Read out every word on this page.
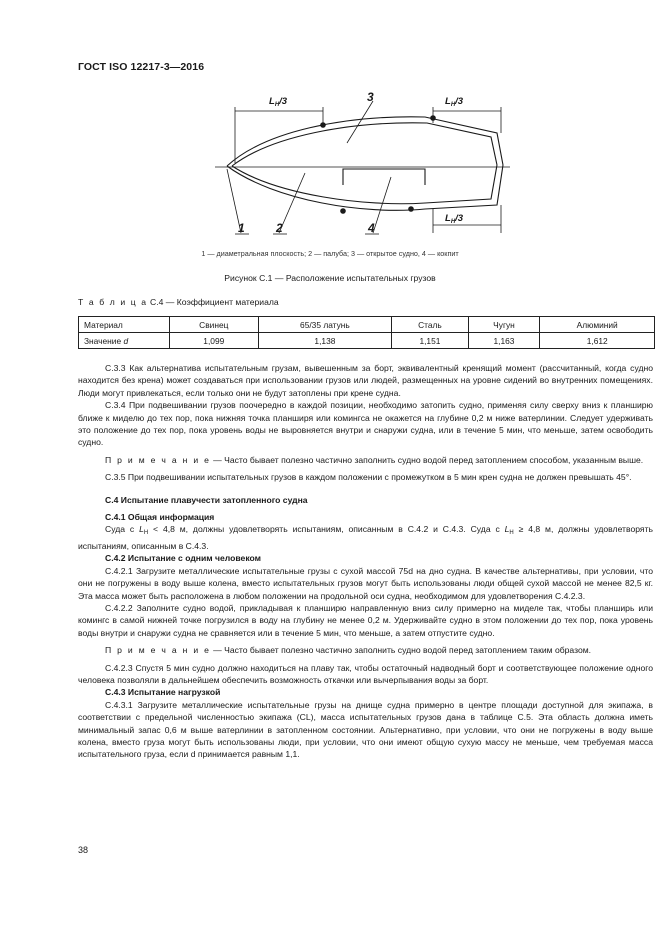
ГОСТ ISO 12217-3—2016
$L_H/3$	$L_H/3$
$L_H/3$
1	2
3
4
1 — диаметральная плоскость; 2 — палуба; 3 — открытое судно, 4 — кокпит
Рисунок С.1 — Расположение испытательных грузов
Т а б л и ц а С.4 — Коэффициент материала
Материал	Свинец	65/35 латунь	Сталь	Чугун	Алюминий
Значение d	1,099	1,138	1,151	1,163	1,612

С.3.3 Как альтернатива испытательным грузам, вывешенным за борт, эквивалентный кренящий момент (рассчитанный, когда судно находится без крена) может создаваться при использовании грузов или людей, размещенных на уровне сидений во внутренних помещениях. Люди могут привлекаться, если только они не будут затоплены при крене судна.

С.3.4 При подвешивании грузов поочередно в каждой позиции, необходимо затопить судно, применяя силу сверху вниз к планширю ближе к миделю до тех пор, пока нижняя точка планширя или комингса не окажется на глубине 0,2 м ниже ватерлинии. Следует удерживать это положение до тех пор, пока уровень воды не выровняется внутри и снаружи судна, или в течение 5 мин, что меньше, затем освободить судно.

П р и м е ч а н и е — Часто бывает полезно частично заполнить судно водой перед затоплением способом, указанным выше.

С.3.5 При подвешивании испытательных грузов в каждом положении с промежутком в 5 мин крен судна не должен превышать 45°.

С.4 Испытание плавучести затопленного судна

С.4.1 Общая информация

Суда с $L_H < 4,8$ м, должны удовлетворять испытаниям, описанным в С.4.2 и С.4.3. Суда с $L_H \ge 4,8$ м, должны удовлетворять испытаниям, описанным в С.4.3.

С.4.2 Испытание с одним человеком

С.4.2.1 Загрузите металлические испытательные грузы с сухой массой 75d на дно судна. В качестве альтернативы, при условии, что они не погружены в воду выше колена, вместо испытательных грузов могут быть использованы люди общей сухой массой не менее 82,5 кг. Эта масса может быть расположена в любом положении на продольной оси судна, необходимом для удовлетворения С.4.2.3.

С.4.2.2 Заполните судно водой, прикладывая к планширю направленную вниз силу примерно на миделе так, чтобы планширь или комингс в самой нижней точке погрузился в воду на глубину не менее 0,2 м. Удерживайте судно в этом положении до тех пор, пока уровень воды внутри и снаружи судна не сравняется или в течение 5 мин, что меньше, а затем отпустите судно.

П р и м е ч а н и е — Часто бывает полезно частично заполнить судно водой перед затоплением таким образом.

С.4.2.3 Спустя 5 мин судно должно находиться на плаву так, чтобы остаточный надводный борт и соответствующее положение одного человека позволяли в дальнейшем обеспечить возможность откачки или вычерпывания воды за борт.

С.4.3 Испытание нагрузкой

С.4.3.1 Загрузите металлические испытательные грузы на днище судна примерно в центре площади доступной для экипажа, в соответствии с предельной численностью экипажа (CL), масса испытательных грузов дана в таблице С.5. Эта область должна иметь минимальный запас 0,6 м выше ватерлинии в затопленном состоянии. Альтернативно, при условии, что они не погружены в воду выше колена, вместо груза могут быть использованы люди, при условии, что они имеют общую сухую массу не меньше, чем требуемая масса испытательного груза, если d принимается равным 1,1.

38
